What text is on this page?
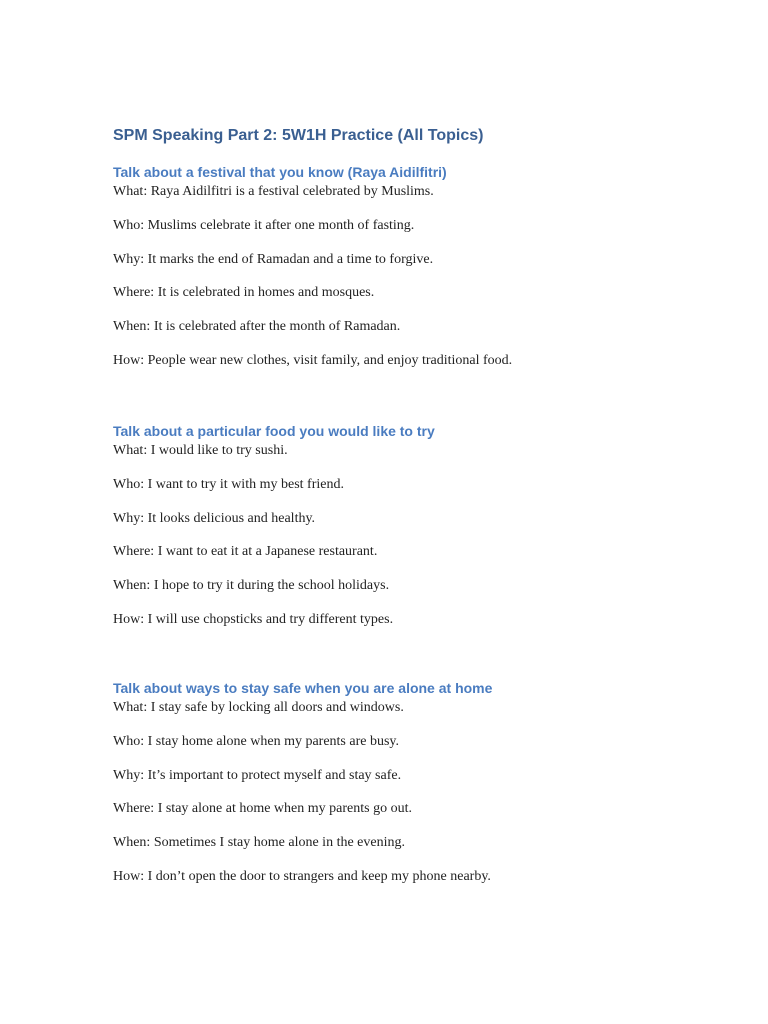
SPM Speaking Part 2: 5W1H Practice (All Topics)
Talk about a festival that you know (Raya Aidilfitri)

What: Raya Aidilfitri is a festival celebrated by Muslims.

Who: Muslims celebrate it after one month of fasting.

Why: It marks the end of Ramadan and a time to forgive.

Where: It is celebrated in homes and mosques.

When: It is celebrated after the month of Ramadan.

How: People wear new clothes, visit family, and enjoy traditional food.

Talk about a particular food you would like to try

What: I would like to try sushi.

Who: I want to try it with my best friend.

Why: It looks delicious and healthy.

Where: I want to eat it at a Japanese restaurant.

When: I hope to try it during the school holidays.

How: I will use chopsticks and try different types.

Talk about ways to stay safe when you are alone at home

What: I stay safe by locking all doors and windows.

Who: I stay home alone when my parents are busy.

Why: It’s important to protect myself and stay safe.

Where: I stay alone at home when my parents go out.

When: Sometimes I stay home alone in the evening.

How: I don’t open the door to strangers and keep my phone nearby.
